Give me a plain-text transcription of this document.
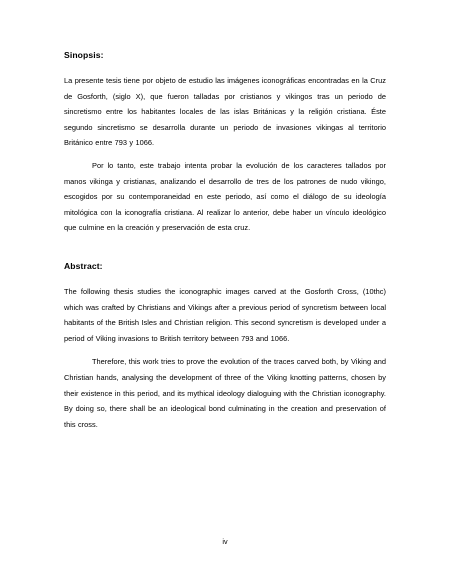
Sinopsis:

La presente tesis tiene por objeto de estudio las imágenes iconográficas encontradas en la Cruz de Gosforth, (siglo X), que fueron talladas por cristianos y vikingos tras un periodo de sincretismo entre los habitantes locales de las islas Británicas y la religión cristiana. Éste segundo sincretismo se desarrolla durante un periodo de invasiones vikingas al territorio Británico entre 793 y 1066.

Por lo tanto, este trabajo intenta probar la evolución de los caracteres tallados por manos vikinga y cristianas, analizando el desarrollo de tres de los patrones de nudo vikingo, escogidos por su contemporaneidad en este periodo, así como el diálogo de su ideología mitológica con la iconografía cristiana. Al realizar lo anterior, debe haber un vínculo ideológico que culmine en la creación y preservación de esta cruz.

Abstract:

The following thesis studies the iconographic images carved at the Gosforth Cross, (10thc) which was crafted by Christians and Vikings after a previous period of syncretism between local habitants of the British Isles and Christian religion. This second syncretism is developed under a period of Viking invasions to British territory between 793 and 1066.

Therefore, this work tries to prove the evolution of the traces carved both, by Viking and Christian hands, analysing the development of three of the Viking knotting patterns, chosen by their existence in this period, and its mythical ideology dialoguing with the Christian iconography. By doing so, there shall be an ideological bond culminating in the creation and preservation of this cross.

iv
